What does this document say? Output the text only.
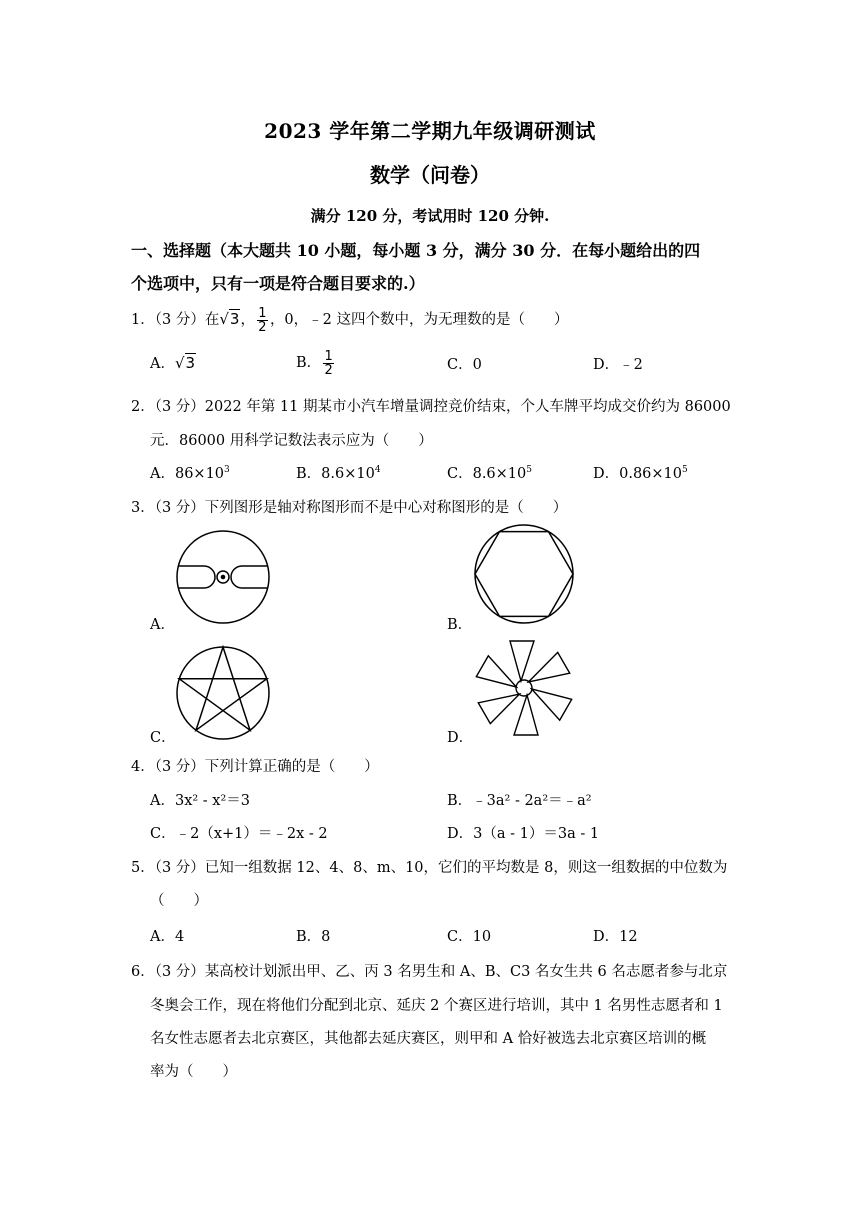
2023 学年第二学期九年级调研测试
数学（问卷）
满分 120 分，考试用时 120 分钟.
一、选择题（本大题共 10 小题，每小题 3 分，满分 30 分．在每小题给出的四
个选项中，只有一项是符合题目要求的.）
1．（3 分）在√3， $\frac{1}{2}$ ，0，﹣2 这四个数中，为无理数的是（　　）
A．√3	B． $\frac{1}{2}$	C．0	D．﹣2
2．（3 分）2022 年第 11 期某市小汽车增量调控竞价结束，个人车牌平均成交价约为 86000
元．86000 用科学记数法表示应为（　　）
A．$86\times 10^3$	B．$8.6\times 10^4$	C．$8.6\times 10^5$	D．$0.86\times 10^5$
3．（3 分）下列图形是轴对称图形而不是中心对称图形的是（　　）
A．	B．
C．	D．
4．（3 分）下列计算正确的是（　　）
A．3x² ‑ x²＝3	B．﹣3a² ‑ 2a²＝﹣a²
C．﹣2（x+1）＝﹣2x ‑ 2	D．3（a ‑ 1）＝3a ‑ 1
5．（3 分）已知一组数据 12、4、8、m、10，它们的平均数是 8，则这一组数据的中位数为
（　　）
A．4	B．8	C．10	D．12
6．（3 分）某高校计划派出甲、乙、丙 3 名男生和 A、B、C3 名女生共 6 名志愿者参与北京
冬奥会工作，现在将他们分配到北京、延庆 2 个赛区进行培训，其中 1 名男性志愿者和 1
名女性志愿者去北京赛区，其他都去延庆赛区，则甲和 A 恰好被选去北京赛区培训的概
率为（　　）
